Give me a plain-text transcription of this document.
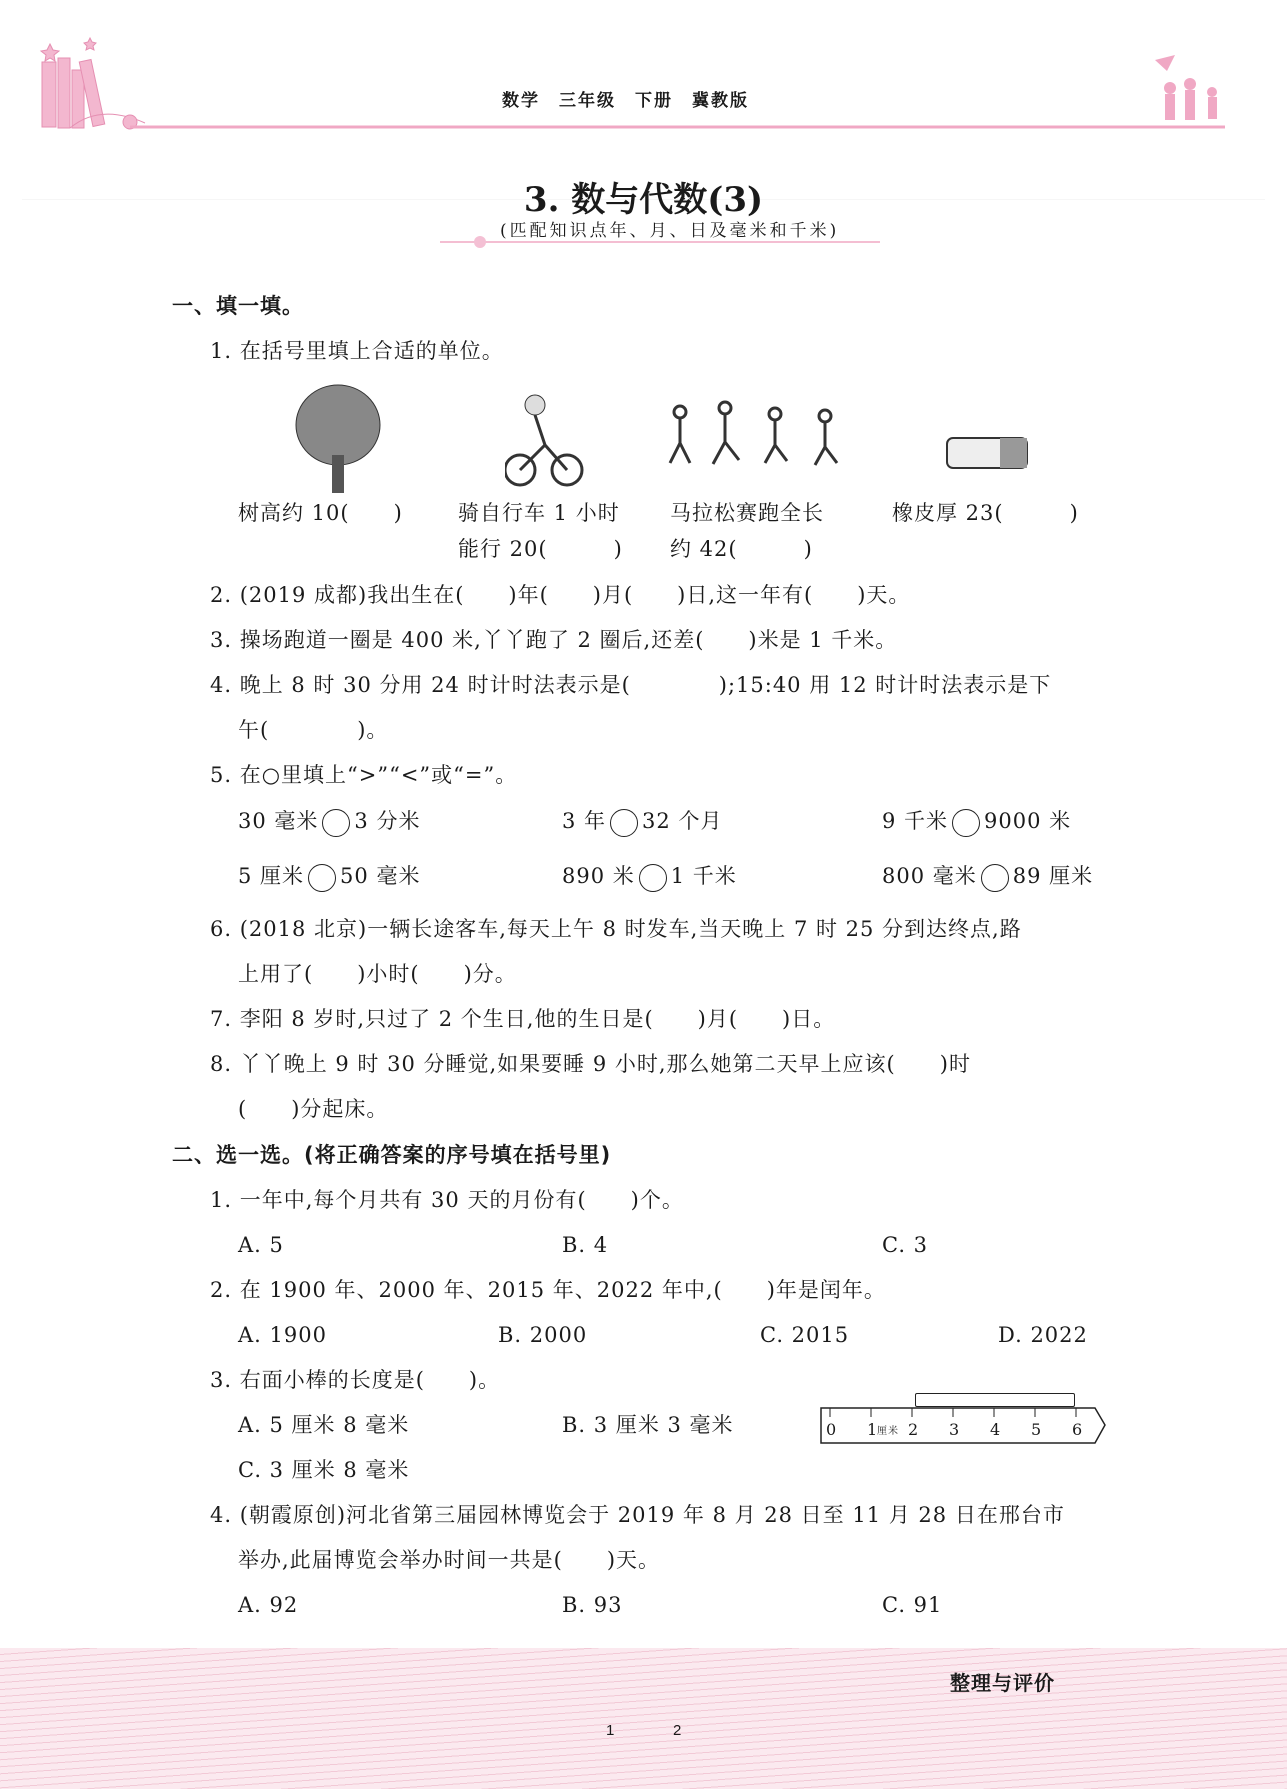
数学　三年级　下册　冀教版
3. 数与代数(3)
(匹配知识点年、月、日及毫米和千米)
一、填一填。
1. 在括号里填上合适的单位。
树高约 10(　　)	骑自行车 1 小时
能行 20(　　　)
马拉松赛跑全长
约 42(　　　)
橡皮厚 23(　　　)
2. (2019 成都)我出生在(　　)年(　　)月(　　)日,这一年有(　　)天。
3. 操场跑道一圈是 400 米,丫丫跑了 2 圈后,还差(　　)米是 1 千米。
4. 晚上 8 时 30 分用 24 时计时法表示是(　　　　);15:40 用 12 时计时法表示是下
午(　　　　)。
5. 在○里填上“>”“<”或“=”。
30 毫米 3 分米	3 年 32 个月	9 千米 9000 米
5 厘米 50 毫米	890 米 1 千米	800 毫米 89 厘米
6. (2018 北京)一辆长途客车,每天上午 8 时发车,当天晚上 7 时 25 分到达终点,路
上用了(　　)小时(　　)分。
7. 李阳 8 岁时,只过了 2 个生日,他的生日是(　　)月(　　)日。
8. 丫丫晚上 9 时 30 分睡觉,如果要睡 9 小时,那么她第二天早上应该(　　)时
(　　)分起床。
二、选一选。(将正确答案的序号填在括号里)
1. 一年中,每个月共有 30 天的月份有(　　)个。
A. 5	B. 4	C. 3
2. 在 1900 年、2000 年、2015 年、2022 年中,(　　)年是闰年。
A. 1900	B. 2000	C. 2015	D. 2022
3. 右面小棒的长度是(　　)。
A. 5 厘米 8 毫米	B. 3 厘米 3 毫米
C. 3 厘米 8 毫米
0 1
厘米 2 3 4 5 6
4. (朝霞原创)河北省第三届园林博览会于 2019 年 8 月 28 日至 11 月 28 日在邢台市
举办,此届博览会举办时间一共是(　　)天。
A. 92	B. 93	C. 91
整理与评价
1	2
